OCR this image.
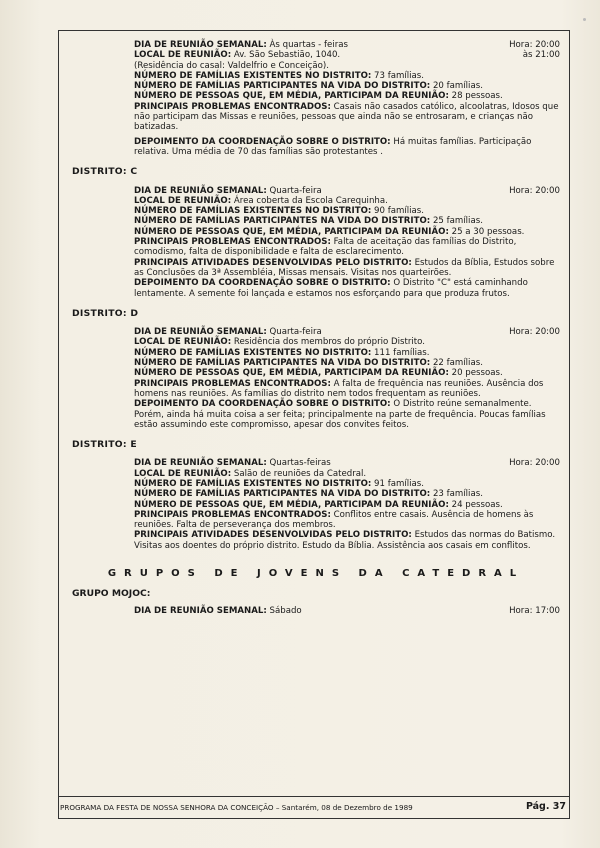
DIA DE REUNIÃO SEMANAL: Às quartas - feiras	Hora: 20:00
LOCAL DE REUNIÃO: Av. São Sebastião, 1040.	às 21:00
(Residência do casal: Valdelfrio e Conceição).
NÚMERO DE FAMÍLIAS EXISTENTES NO DISTRITO: 73 famílias.
NÚMERO DE FAMÍLIAS PARTICIPANTES NA VIDA DO DISTRITO: 20 famílias.
NÚMERO DE PESSOAS QUE, EM MÉDIA, PARTICIPAM DA REUNIÃO: 28 pessoas.
PRINCIPAIS PROBLEMAS ENCONTRADOS: Casais não casados católico, alcoolatras, Idosos que não participam das Missas e reuniões, pessoas que ainda não se entrosaram, e crianças não batizadas.
DEPOIMENTO DA COORDENAÇÃO SOBRE O DISTRITO: Há muitas famílias. Participação relativa. Uma média de 70 das famílias são protestantes .
DISTRITO: C
DIA DE REUNIÃO SEMANAL: Quarta-feira	Hora: 20:00
LOCAL DE REUNIÃO: Área coberta da Escola Carequinha.
NÚMERO DE FAMÍLIAS EXISTENTES NO DISTRITO: 90 famílias.
NÚMERO DE FAMÍLIAS PARTICIPANTES NA VIDA DO DISTRITO: 25 famílias.
NÚMERO DE PESSOAS QUE, EM MÉDIA, PARTICIPAM DA REUNIÃO: 25 a 30 pessoas.
PRINCIPAIS PROBLEMAS ENCONTRADOS: Falta de aceitação das famílias do Distrito, comodismo, falta de disponibilidade e falta de esclarecimento.
PRINCIPAIS ATIVIDADES DESENVOLVIDAS PELO DISTRITO: Estudos da Bíblia, Estudos sobre as Conclusões da 3ª Assembléia, Missas mensais. Visitas nos quarteirões.
DEPOIMENTO DA COORDENAÇÃO SOBRE O DISTRITO: O Distrito "C" está caminhando lentamente. A semente foi lançada e estamos nos esforçando para que produza frutos.
DISTRITO: D
DIA DE REUNIÃO SEMANAL: Quarta-feira	Hora: 20:00
LOCAL DE REUNIÃO: Residência dos membros do próprio Distrito.
NÚMERO DE FAMÍLIAS EXISTENTES NO DISTRITO: 111 famílias.
NÚMERO DE FAMÍLIAS PARTICIPANTES NA VIDA DO DISTRITO: 22 famílias.
NÚMERO DE PESSOAS QUE, EM MÉDIA, PARTICIPAM DA REUNIÃO: 20 pessoas.
PRINCIPAIS PROBLEMAS ENCONTRADOS: A falta de frequência nas reuniões. Ausência dos homens nas reuniões. As famílias do distrito nem todos frequentam as reuniões.
DEPOIMENTO DA COORDENAÇÃO SOBRE O DISTRITO: O Distrito reúne semanalmente. Porém, ainda há muita coisa a ser feita; principalmente na parte de frequência. Poucas famílias estão assumindo este compromisso, apesar dos convites feitos.
DISTRITO: E
DIA DE REUNIÃO SEMANAL: Quartas-feiras	Hora: 20:00
LOCAL DE REUNIÃO: Salão de reuniões da Catedral.
NÚMERO DE FAMÍLIAS EXISTENTES NO DISTRITO: 91 famílias.
NÚMERO DE FAMÍLIAS PARTICIPANTES NA VIDA DO DISTRITO: 23 famílias.
NÚMERO DE PESSOAS QUE, EM MÉDIA, PARTICIPAM DA REUNIÃO: 24 pessoas.
PRINCIPAIS PROBLEMAS ENCONTRADOS: Conflitos entre casais. Ausência de homens às reuniões. Falta de perseverança dos membros.
PRINCIPAIS ATIVIDADES DESENVOLVIDAS PELO DISTRITO: Estudos das normas do Batismo. Visitas aos doentes do próprio distrito. Estudo da Bíblia. Assistência aos casais em conflitos.
GRUPOS DE JOVENS DA CATEDRAL
GRUPO MOJOC:
DIA DE REUNIÃO SEMANAL: Sábado	Hora: 17:00
PROGRAMA DA FESTA DE NOSSA SENHORA DA CONCEIÇÃO – Santarém, 08 de Dezembro de 1989	Pág. 37
